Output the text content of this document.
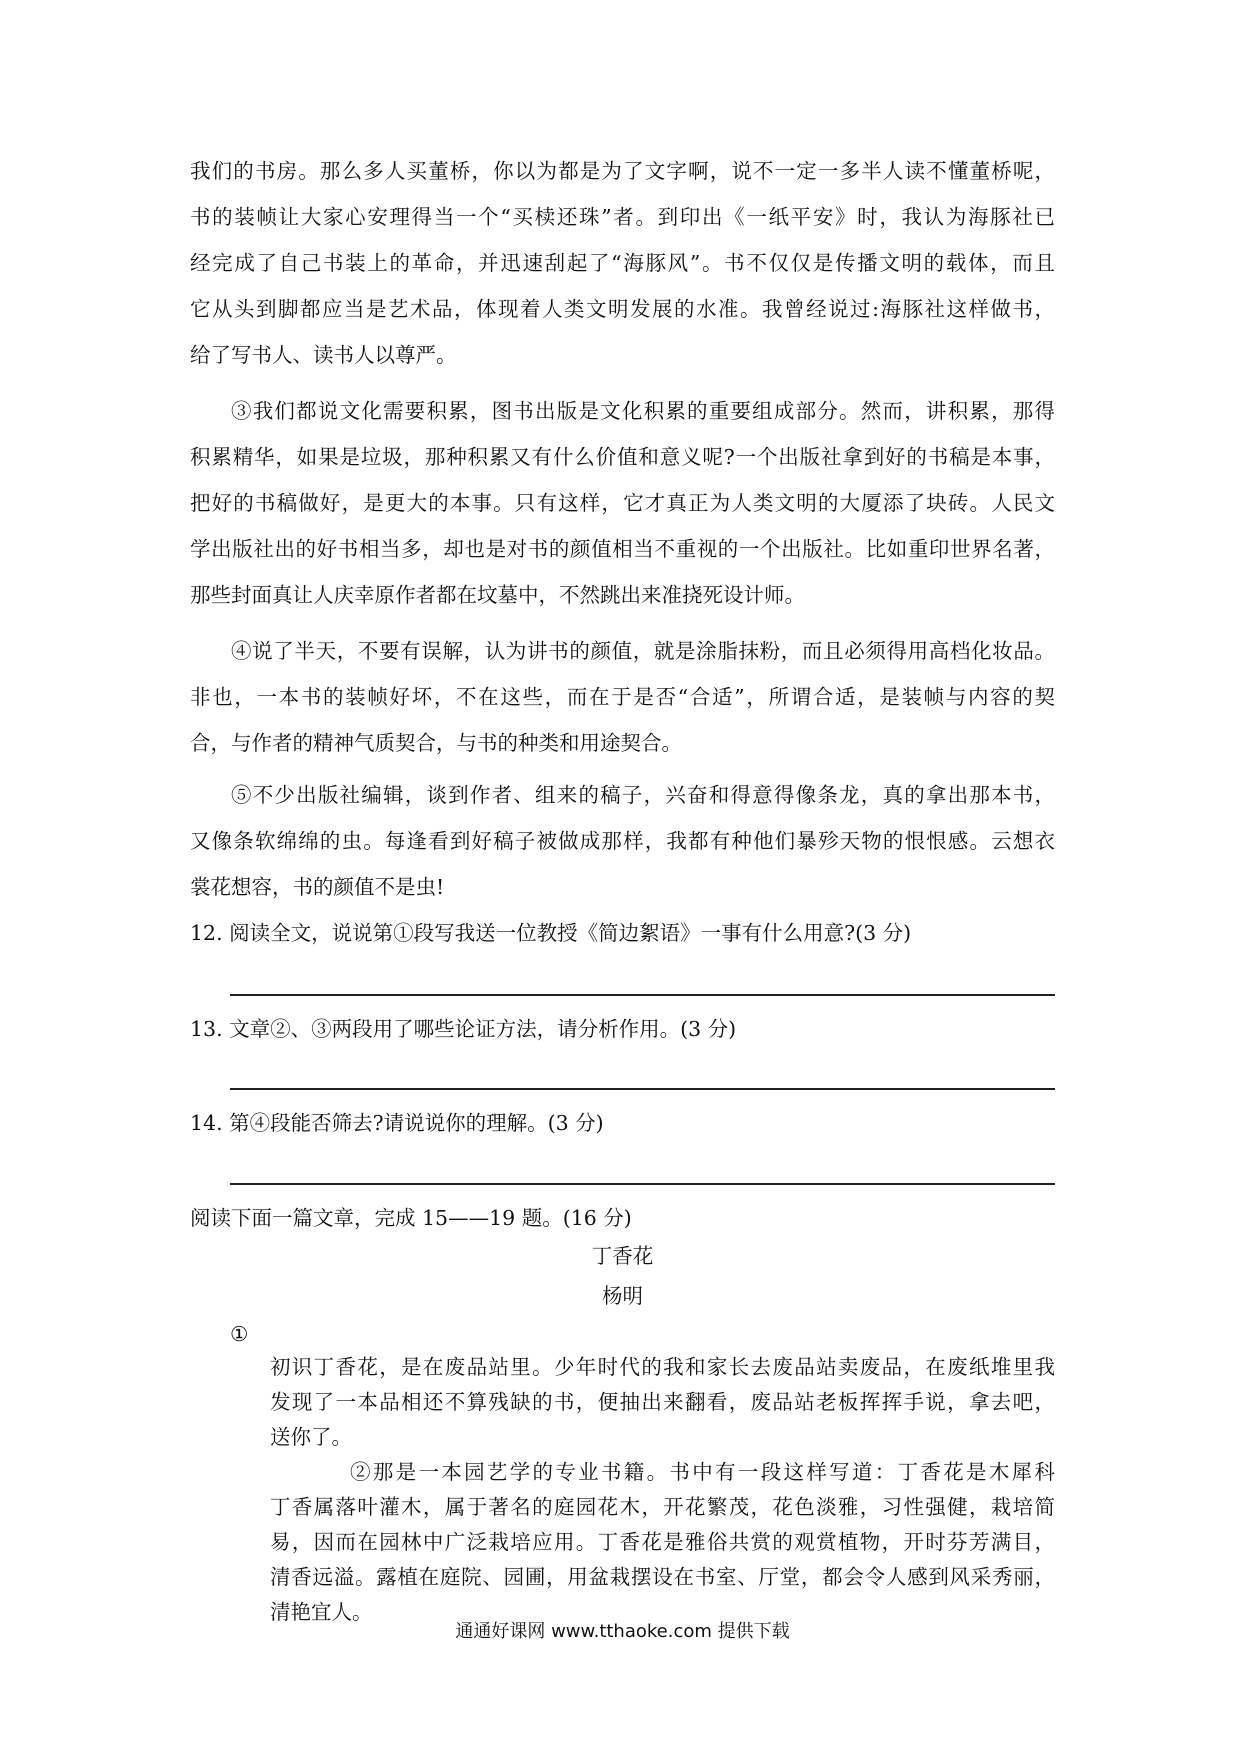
我们的书房。那么多人买董桥，你以为都是为了文字啊，说不一定一多半人读不懂董桥呢，

书的装帧让大家心安理得当一个“买椟还珠”者。到印出《一纸平安》时，我认为海豚社已

经完成了自己书装上的革命，并迅速刮起了“海豚风”。书不仅仅是传播文明的载体，而且

它从头到脚都应当是艺术品，体现着人类文明发展的水准。我曾经说过:海豚社这样做书，

给了写书人、读书人以尊严。

③我们都说文化需要积累，图书出版是文化积累的重要组成部分。然而，讲积累，那得

积累精华，如果是垃圾，那种积累又有什么价值和意义呢?一个出版社拿到好的书稿是本事，

把好的书稿做好，是更大的本事。只有这样，它才真正为人类文明的大厦添了块砖。人民文

学出版社出的好书相当多，却也是对书的颜值相当不重视的一个出版社。比如重印世界名著，

那些封面真让人庆幸原作者都在坟墓中，不然跳出来准挠死设计师。

④说了半天，不要有误解，认为讲书的颜值，就是涂脂抹粉，而且必须得用高档化妆品。

非也，一本书的装帧好坏，不在这些，而在于是否“合适”，所谓合适，是装帧与内容的契

合，与作者的精神气质契合，与书的种类和用途契合。

⑤不少出版社编辑，谈到作者、组来的稿子，兴奋和得意得像条龙，真的拿出那本书，

又像条软绵绵的虫。每逢看到好稿子被做成那样，我都有种他们暴殄天物的恨恨感。云想衣

裳花想容，书的颜值不是虫!

12. 阅读全文，说说第①段写我送一位教授《简边絮语》一事有什么用意?(3 分)
13. 文章②、③两段用了哪些论证方法，请分析作用。(3 分)
14. 第④段能否筛去?请说说你的理解。(3 分)
阅读下面一篇文章，完成 15——19 题。(16 分)
丁香花
杨明
①

初识丁香花，是在废品站里。少年时代的我和家长去废品站卖废品，在废纸堆里我

发现了一本品相还不算残缺的书，便抽出来翻看，废品站老板挥挥手说，拿去吧，

送你了。

②那是一本园艺学的专业书籍。书中有一段这样写道：丁香花是木犀科

丁香属落叶灌木，属于著名的庭园花木，开花繁茂，花色淡雅，习性强健，栽培简

易，因而在园林中广泛栽培应用。丁香花是雅俗共赏的观赏植物，开时芬芳满目，

清香远溢。露植在庭院、园圃，用盆栽摆设在书室、厅堂，都会令人感到风采秀丽，

清艳宜人。

通通好课网 www.tthaoke.com 提供下载
